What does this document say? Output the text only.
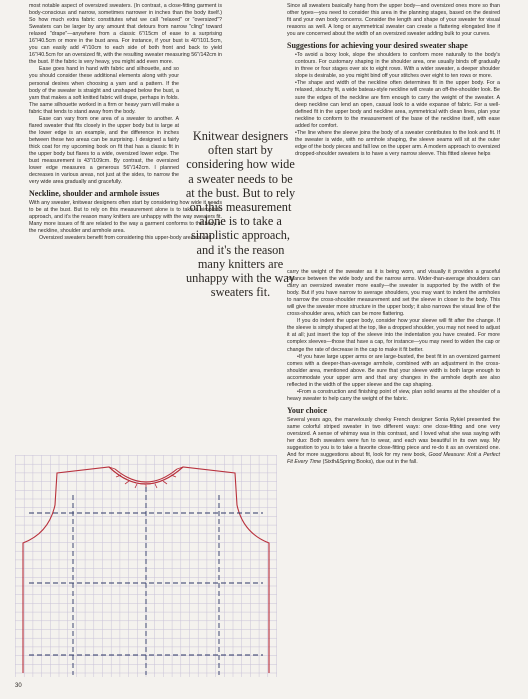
most notable aspect of oversized sweaters. (In contrast, a close-fitting garment is body-conscious and narrow, sometimes narrower in inches than the body itself.) So how much extra fabric constitutes what we call "relaxed" or "oversized"? Sweaters can be larger by any amount that detours from narrow "cling" toward relaxed "drape"—anywhere from a classic 6"/15cm of ease to a surprising 16"/40.5cm or more in the bust area. For instance, if your bust is 40"/101.5cm, you can easily add 4"/10cm to each side of both front and back to yield 16"/40.5cm for an oversized fit, with the resulting sweater measuring 56"/142cm in the bust. If the fabric is very heavy, you might add even more.

Ease goes hand in hand with fabric and silhouette, and so you should consider these additional elements along with your personal desires when choosing a yarn and a pattern. If the body of the sweater is straight and unshaped below the bust, a yarn that makes a soft knitted fabric will drape, perhaps in folds. The same silhouette worked in a firm or heavy yarn will make a fabric that tends to stand away from the body.

Ease can vary from one area of a sweater to another. A flared sweater that fits closely in the upper body but is large at the lower edge is an example, and the difference in inches between these two areas can be surprising. I designed a fairly thick coat for my upcoming book on fit that has a classic fit in the upper body but flares to a wide, oversized lower edge. The bust measurement is 43"/109cm. By contrast, the oversized lower edge measures a generous 56"/142cm. I planned decreases in various areas, not just at the sides, to narrow the very wide area gradually and gracefully.

Neckline, shoulder and armhole issues

With any sweater, knitwear designers often start by considering how wide it needs to be at the bust. But to rely on this measurement alone is to take a simplistic approach, and it's the reason many knitters are unhappy with the way sweaters fit. Many more issues of fit are related to the way a garment conforms to the body in the neckline, shoulder and armhole area.

Oversized sweaters benefit from considering this upper-body area as well.

Knitwear designers often start by considering how wide a sweater needs to be at the bust. But to rely on this measurement alone is to take a simplistic approach, and it's the reason many knitters are unhappy with the way sweaters fit.

Since all sweaters basically hang from the upper body—and oversized ones more so than other types—you need to consider this area in the planning stages, based on the desired fit and your own body concerns. Consider the length and shape of your sweater for visual reasons as well. A long or asymmetrical sweater can create a flattering elongated line if you are concerned about the width of an oversized sweater adding bulk to your curves.

Suggestions for achieving your desired sweater shape

• To avoid a boxy look, slope the shoulders to conform more naturally to the body's contours. For customary shaping in the shoulder area, one usually binds off gradually in three or four stages over six to eight rows. With a wider sweater, a deeper shoulder slope is desirable, so you might bind off your stitches over eight to ten rows or more.

• The shape and width of the neckline often determines fit in the upper body. For a relaxed, slouchy fit, a wide bateau-style neckline will create an off-the-shoulder look. Be sure the edges of the neckline are firm enough to carry the weight of the sweater. A deep neckline can lend an open, casual look to a wide expanse of fabric. For a well-defined fit in the upper body and neckline area, symmetrical with clean lines, plan your neckline to conform to the measurement of the base of the neckline itself, with ease added for comfort.

• The line where the sleeve joins the body of a sweater contributes to the look and fit. If the sweater is wide, with no armhole shaping, the sleeve seams will sit at the outer edge of the body pieces and fall low on the upper arm. A modern approach to oversized dropped-shoulder sweaters is to have a very narrow sleeve. This fitted sleeve helps

carry the weight of the sweater as it is being worn, and visually it provides a graceful balance between the wide body and the narrow arms. Wider-than-average shoulders can carry an oversized sweater more easily—the sweater is supported by the width of the body. But if you have narrow to average shoulders, you may want to indent the armholes to narrow the cross-shoulder measurement and set the sleeve in closer to the body. This will give the sweater more structure in the upper body; it also narrows the visual line of the cross-shoulder area, which can be more flattering.

If you do indent the upper body, consider how your sleeve will fit after the change. If the sleeve is simply shaped at the top, like a dropped shoulder, you may not need to adjust it at all; just insert the top of the sleeve into the indentation you have created. For more complex sleeves—those that have a cap, for instance—you may need to widen the cap or change the rate of decrease in the cap to make it fit better.

• If you have large upper arms or are large-busted, the best fit in an oversized garment comes with a deeper-than-average armhole, combined with an adjustment in the cross-shoulder area, mentioned above. Be sure that your sleeve width is both large enough to accommodate your upper arm and that any changes in the armhole depth are also reflected in the width of the upper sleeve and the cap shaping.

• From a construction and finishing point of view, plan solid seams at the shoulder of a heavy sweater to help carry the weight of the fabric.

Your choice

Several years ago, the marvelously cheeky French designer Sonia Rykiel presented the same colorful striped sweater in two different ways: one close-fitting and one very oversized. A sense of whimsy was in this contrast, and I loved what she was saying with her duo: Both sweaters were fun to wear, and each was beautiful in its own way. My suggestion to you is to take a favorite close-fitting piece and re-do it as an oversized one. And for more suggestions about fit, look for my new book, Good Measure: Knit a Perfect Fit Every Time (Sixth&Spring Books), due out in the fall.

30
